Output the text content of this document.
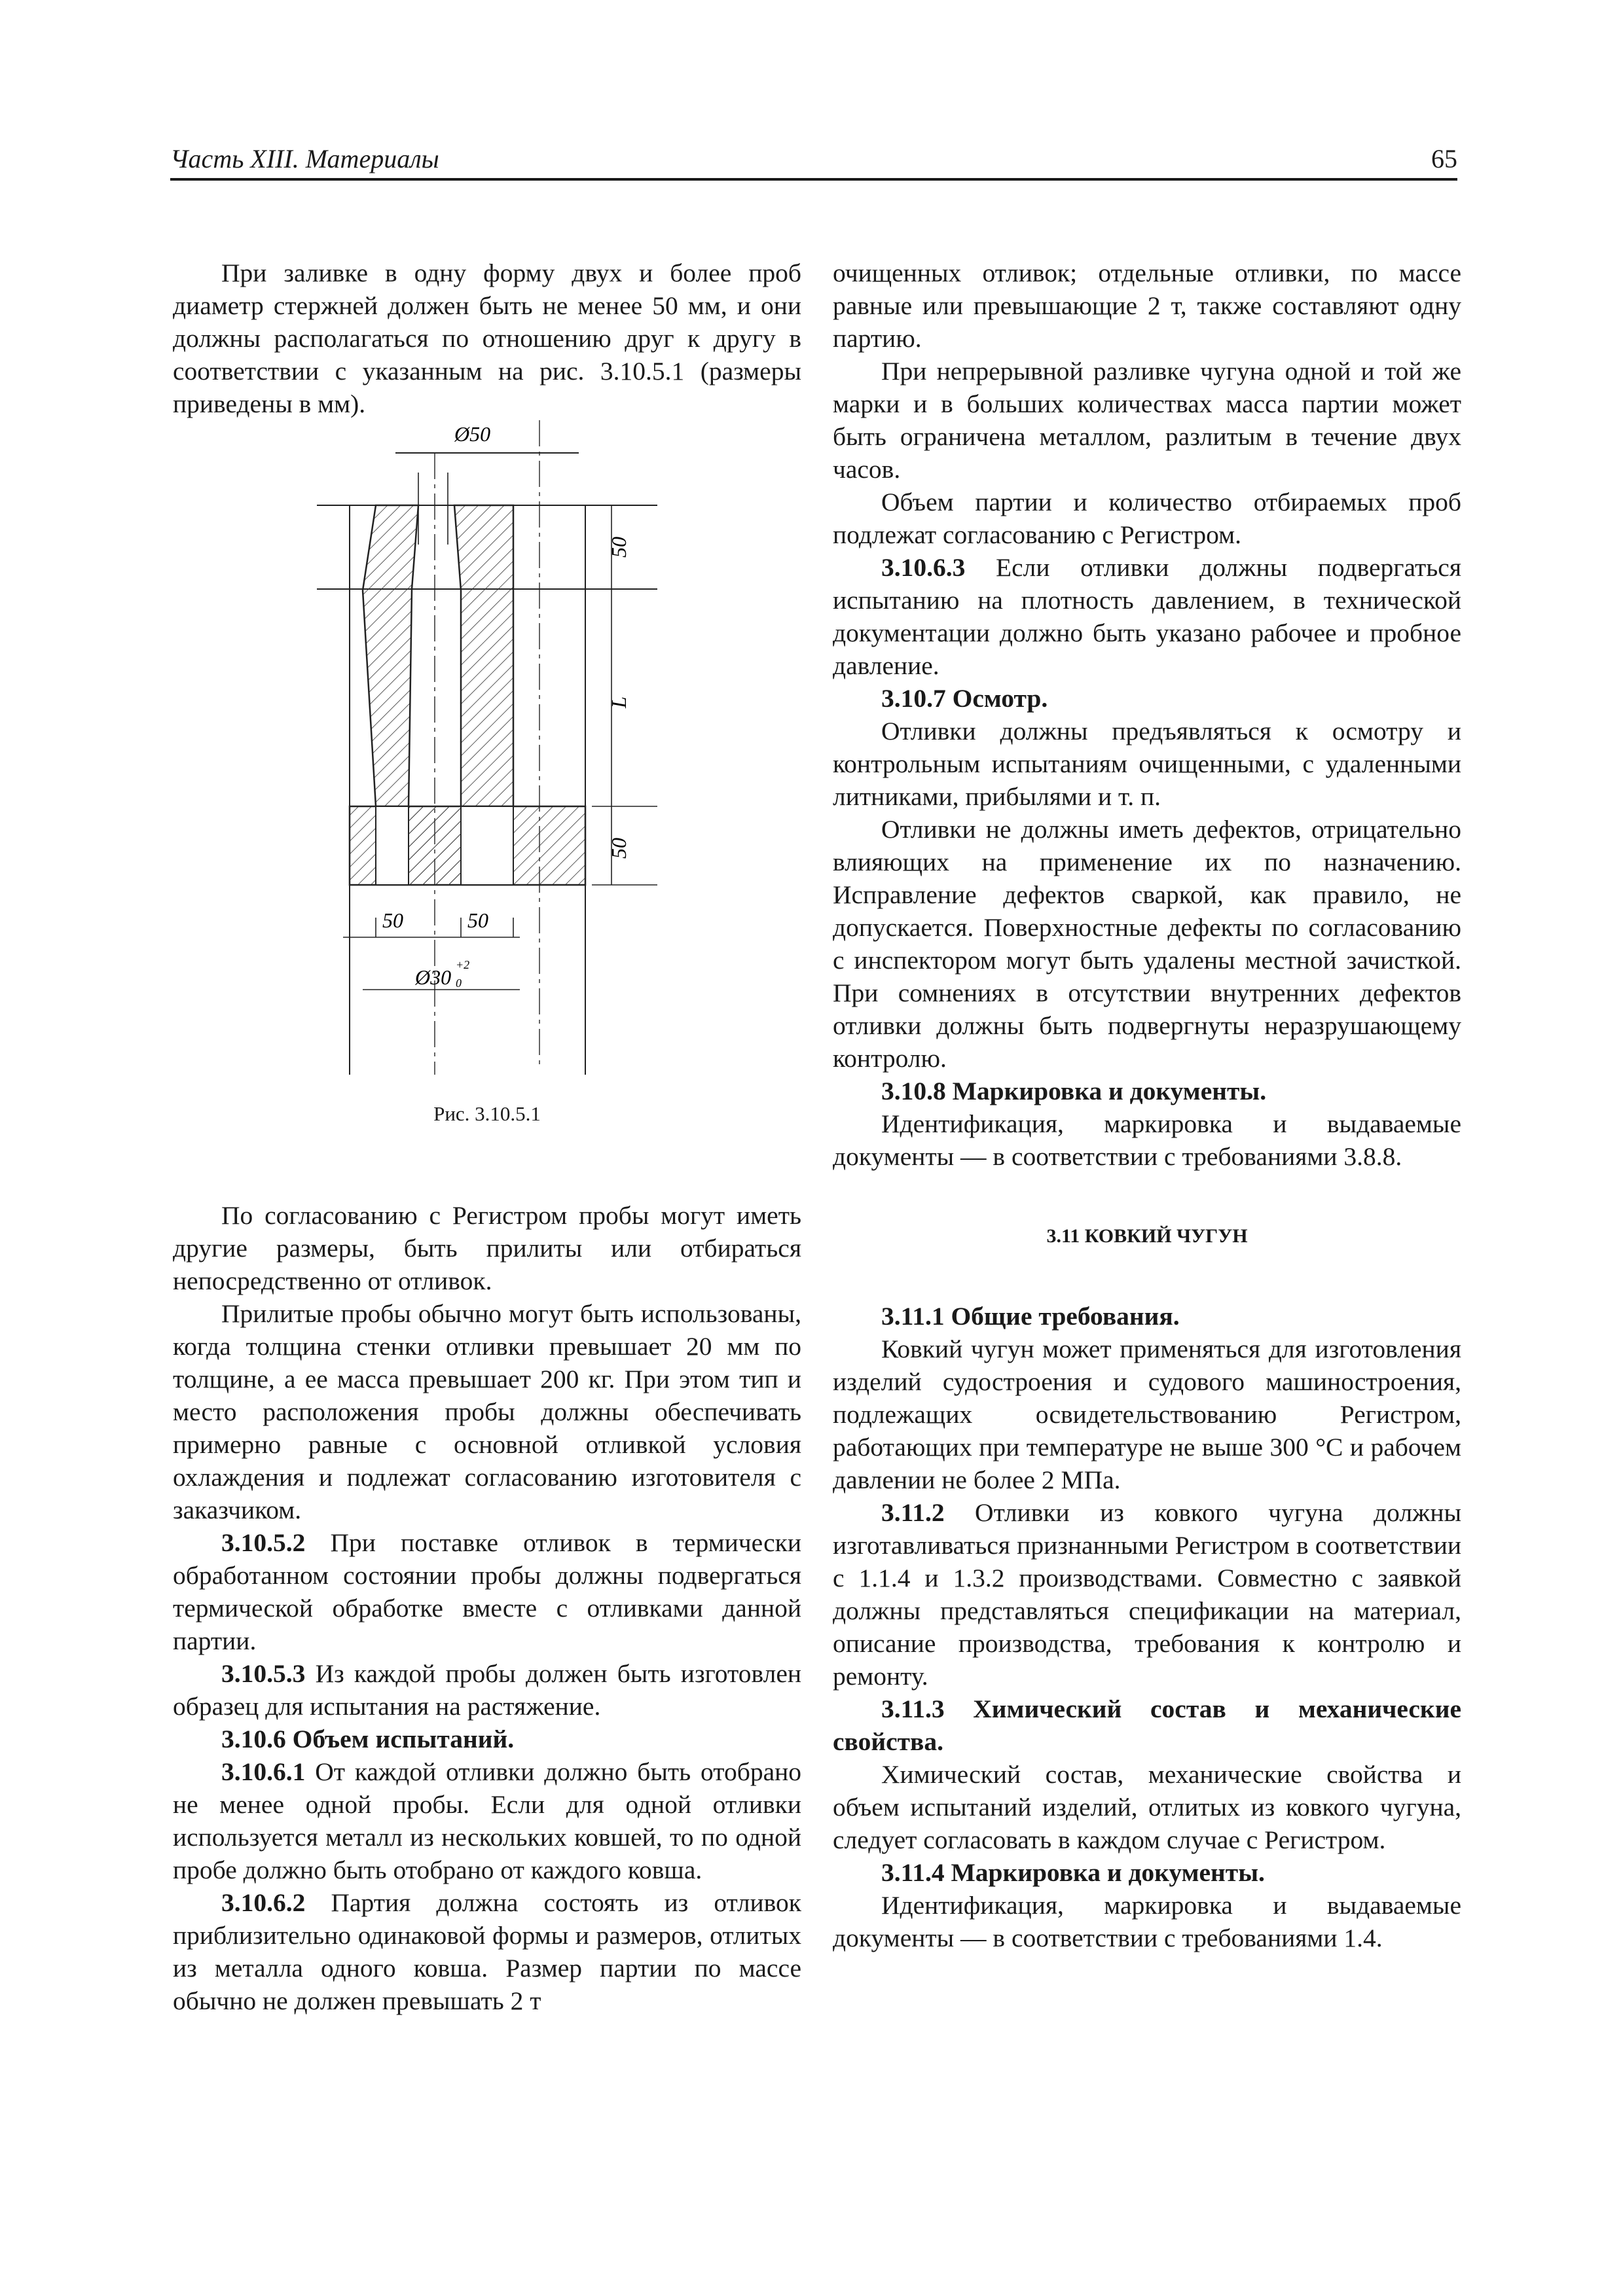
Часть XIII. Материалы	65

При заливке в одну форму двух и более проб диаметр стержней должен быть не менее 50 мм, и они должны располагаться по отношению друг к другу в соответствии с указанным на рис. 3.10.5.1 (размеры приведены в мм).

Ø50
50
L
50
50	50
Ø30
+2
0

Рис. 3.10.5.1

По согласованию с Регистром пробы могут иметь другие размеры, быть прилиты или отбираться непосредственно от отливок.

Прилитые пробы обычно могут быть использованы, когда толщина стенки отливки превышает 20 мм по толщине, а ее масса превышает 200 кг. При этом тип и место расположения пробы должны обеспечивать примерно равные с основной отливкой условия охлаждения и подлежат согласованию изготовителя с заказчиком.

3.10.5.2 При поставке отливок в термически обработанном состоянии пробы должны подвергаться термической обработке вместе с отливками данной партии.

3.10.5.3 Из каждой пробы должен быть изготовлен образец для испытания на растяжение.

3.10.6 Объем испытаний.

3.10.6.1 От каждой отливки должно быть отобрано не менее одной пробы. Если для одной отливки используется металл из нескольких ковшей, то по одной пробе должно быть отобрано от каждого ковша.

3.10.6.2 Партия должна состоять из отливок приблизительно одинаковой формы и размеров, отлитых из металла одного ковша. Размер партии по массе обычно не должен превышать 2 т

очищенных отливок; отдельные отливки, по массе равные или превышающие 2 т, также составляют одну партию.

При непрерывной разливке чугуна одной и той же марки и в больших количествах масса партии может быть ограничена металлом, разлитым в течение двух часов.

Объем партии и количество отбираемых проб подлежат согласованию с Регистром.

3.10.6.3 Если отливки должны подвергаться испытанию на плотность давлением, в технической документации должно быть указано рабочее и пробное давление.

3.10.7 Осмотр.

Отливки должны предъявляться к осмотру и контрольным испытаниям очищенными, с удаленными литниками, прибылями и т. п.

Отливки не должны иметь дефектов, отрицательно влияющих на применение их по назначению. Исправление дефектов сваркой, как правило, не допускается. Поверхностные дефекты по согласованию с инспектором могут быть удалены местной зачисткой. При сомнениях в отсутствии внутренних дефектов отливки должны быть подвергнуты неразрушающему контролю.

3.10.8 Маркировка и документы.

Идентификация, маркировка и выдаваемые документы — в соответствии с требованиями 3.8.8.

3.11 КОВКИЙ ЧУГУН

3.11.1 Общие требования.

Ковкий чугун может применяться для изготовления изделий судостроения и судового машиностроения, подлежащих освидетельствованию Регистром, работающих при температуре не выше 300 °С и рабочем давлении не более 2 МПа.

3.11.2 Отливки из ковкого чугуна должны изготавливаться признанными Регистром в соответствии с 1.1.4 и 1.3.2 производствами. Совместно с заявкой должны представляться спецификации на материал, описание производства, требования к контролю и ремонту.

3.11.3 Химический состав и механические свойства.

Химический состав, механические свойства и объем испытаний изделий, отлитых из ковкого чугуна, следует согласовать в каждом случае с Регистром.

3.11.4 Маркировка и документы.

Идентификация, маркировка и выдаваемые документы — в соответствии с требованиями 1.4.
